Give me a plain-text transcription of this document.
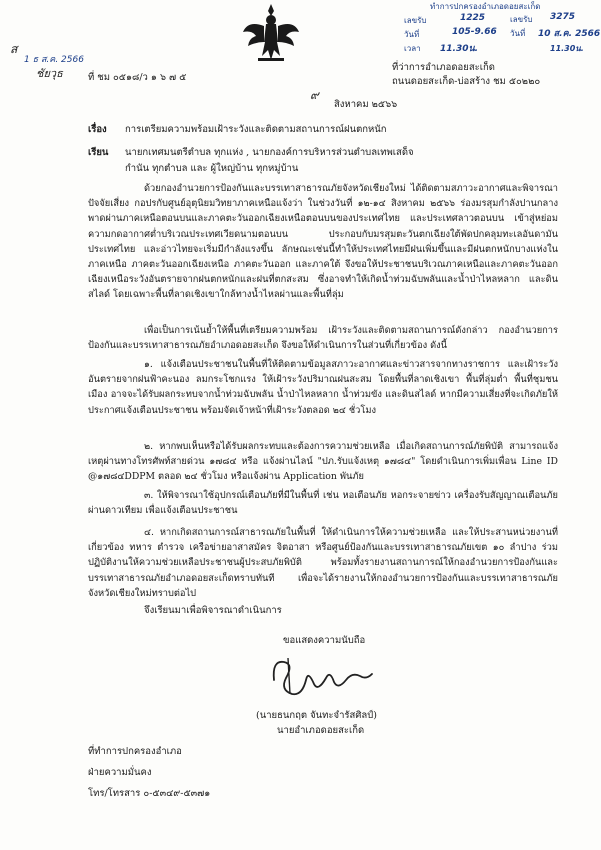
ส
1 ธ ส.ค. 2566
ชัยวุธ
ทำการปกครองอำเภอดอยสะเก็ด
เลขรับ	1225
วันที่	105-9.66
เวลา 11.30น.
เลขรับ 3275
วันที่ 10 ส.ค. 2566
11.30น.
ที่ ชม ๐๕๑๘/ว ๑ ๖ ๗ ๕
ที่ว่าการอำเภอดอยสะเก็ด
ถนนดอยสะเก็ด-บ่อสร้าง ชม ๕๐๒๒๐
๙
สิงหาคม ๒๕๖๖
เรื่อง การเตรียมความพร้อมเฝ้าระวังและติดตามสถานการณ์ฝนตกหนัก
เรียน นายกเทศมนตรีตำบล ทุกแห่ง , นายกองค์การบริหารส่วนตำบลเทพเสด็จ
กำนัน ทุกตำบล และ ผู้ใหญ่บ้าน ทุกหมู่บ้าน
ด้วยกองอำนวยการป้องกันและบรรเทาสาธารณภัยจังหวัดเชียงใหม่ ได้ติดตามสภาวะอากาศและพิจารณาปัจจัยเสี่ยง กอปรกับศูนย์อุตุนิยมวิทยาภาคเหนือแจ้งว่า ในช่วงวันที่ ๑๒-๑๔ สิงหาคม ๒๕๖๖ ร่องมรสุมกำลังปานกลางพาดผ่านภาคเหนือตอนบนและภาคตะวันออกเฉียงเหนือตอนบนของประเทศไทย และประเทศลาวตอนบน เข้าสู่หย่อมความกดอากาศต่ำบริเวณประเทศเวียดนามตอนบน ประกอบกับมรสุมตะวันตกเฉียงใต้พัดปกคลุมทะเลอันดามัน ประเทศไทย และอ่าวไทยจะเริ่มมีกำลังแรงขึ้น ลักษณะเช่นนี้ทำให้ประเทศไทยมีฝนเพิ่มขึ้นและมีฝนตกหนักบางแห่งในภาคเหนือ ภาคตะวันออกเฉียงเหนือ ภาคตะวันออก และภาคใต้ จึงขอให้ประชาชนบริเวณภาคเหนือและภาคตะวันออกเฉียงเหนือระวังอันตรายจากฝนตกหนักและฝนที่ตกสะสม ซึ่งอาจทำให้เกิดน้ำท่วมฉับพลันและน้ำป่าไหลหลาก และดินสไลด์ โดยเฉพาะพื้นที่ลาดเชิงเขาใกล้ทางน้ำไหลผ่านและพื้นที่ลุ่ม
เพื่อเป็นการเน้นย้ำให้พื้นที่เตรียมความพร้อม เฝ้าระวังและติดตามสถานการณ์ดังกล่าว กองอำนวยการป้องกันและบรรเทาสาธารณภัยอำเภอดอยสะเก็ด จึงขอให้ดำเนินการในส่วนที่เกี่ยวข้อง ดังนี้
๑. แจ้งเตือนประชาชนในพื้นที่ให้ติดตามข้อมูลสภาวะอากาศและข่าวสารจากทางราชการ และเฝ้าระวังอันตรายจากฝนฟ้าคะนอง ลมกระโชกแรง ให้เฝ้าระวังปริมาณฝนสะสม โดยพื้นที่ลาดเชิงเขา พื้นที่ลุ่มต่ำ พื้นที่ชุมชนเมือง อาจจะได้รับผลกระทบจากน้ำท่วมฉับพลัน น้ำป่าไหลหลาก น้ำท่วมขัง และดินสไลด์ หากมีความเสี่ยงที่จะเกิดภัยให้ประกาศแจ้งเตือนประชาชน พร้อมจัดเจ้าหน้าที่เฝ้าระวังตลอด ๒๔ ชั่วโมง
๒. หากพบเห็นหรือได้รับผลกระทบและต้องการความช่วยเหลือ เมื่อเกิดสถานการณ์ภัยพิบัติ สามารถแจ้งเหตุผ่านทางโทรศัพท์สายด่วน ๑๗๘๔ หรือ แจ้งผ่านไลน์ "ปภ.รับแจ้งเหตุ ๑๗๘๔" โดยดำเนินการเพิ่มเพื่อน Line ID @๑๗๘๔DDPM ตลอด ๒๔ ชั่วโมง หรือแจ้งผ่าน Application พันภัย
๓. ให้พิจารณาใช้อุปกรณ์เตือนภัยที่มีในพื้นที่ เช่น หอเตือนภัย หอกระจายข่าว เครื่องรับสัญญาณเตือนภัยผ่านดาวเทียม เพื่อแจ้งเตือนประชาชน
๔. หากเกิดสถานการณ์สาธารณภัยในพื้นที่ ให้ดำเนินการให้ความช่วยเหลือ และให้ประสานหน่วยงานที่เกี่ยวข้อง ทหาร ตำรวจ เครือข่ายอาสาสมัคร จิตอาสา หรือศูนย์ป้องกันและบรรเทาสาธารณภัยเขต ๑๐ ลำปาง ร่วมปฏิบัติงานให้ความช่วยเหลือประชาชนผู้ประสบภัยพิบัติ พร้อมทั้งรายงานสถานการณ์ให้กองอำนวยการป้องกันและบรรเทาสาธารณภัยอำเภอดอยสะเก็ดทราบทันที เพื่อจะได้รายงานให้กองอำนวยการป้องกันและบรรเทาสาธารณภัยจังหวัดเชียงใหม่ทราบต่อไป
จึงเรียนมาเพื่อพิจารณาดำเนินการ
ขอแสดงความนับถือ
(นายธนกฤต จันทะจำรัสศิลป์)
นายอำเภอดอยสะเก็ด
ที่ทำการปกครองอำเภอ
ฝ่ายความมั่นคง
โทร/โทรสาร ๐-๕๓๔๙-๕๓๗๑
